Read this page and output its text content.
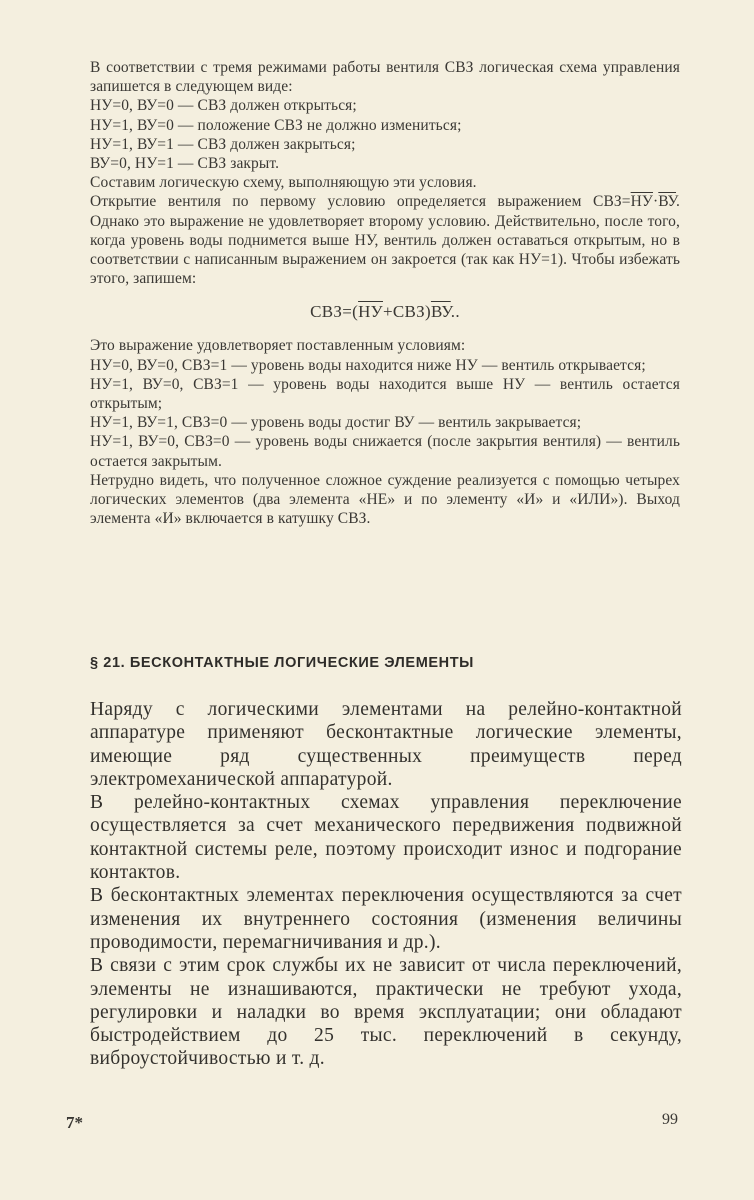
В соответствии с тремя режимами работы вентиля СВЗ логическая схема управления запишется в следующем виде:

НУ=0, ВУ=0 — СВЗ должен открыться;

НУ=1, ВУ=0 — положение СВЗ не должно измениться;

НУ=1, ВУ=1 — СВЗ должен закрыться;

ВУ=0, НУ=1 — СВЗ закрыт.

Составим логическую схему, выполняющую эти условия.

Открытие вентиля по первому условию определяется выражением СВЗ=НУ·ВУ. Однако это выражение не удовлетворяет второму условию. Действительно, после того, когда уровень воды поднимется выше НУ, вентиль должен оставаться открытым, но в соответствии с написанным выражением он закроется (так как НУ=1). Чтобы избежать этого, запишем:

СВЗ=(НУ+СВЗ)ВУ..

Это выражение удовлетворяет поставленным условиям:

НУ=0, ВУ=0, СВЗ=1 — уровень воды находится ниже НУ — вентиль открывается;

НУ=1, ВУ=0, СВЗ=1 — уровень воды находится выше НУ — вентиль остается открытым;

НУ=1, ВУ=1, СВЗ=0 — уровень воды достиг ВУ — вентиль закрывается;

НУ=1, ВУ=0, СВЗ=0 — уровень воды снижается (после закрытия вентиля) — вентиль остается закрытым.

Нетрудно видеть, что полученное сложное суждение реализуется с помощью четырех логических элементов (два элемента «НЕ» и по элементу «И» и «ИЛИ»). Выход элемента «И» включается в катушку СВЗ.

§ 21. БЕСКОНТАКТНЫЕ ЛОГИЧЕСКИЕ ЭЛЕМЕНТЫ

Наряду с логическими элементами на релейно-контактной аппаратуре применяют бесконтактные логические элементы, имеющие ряд существенных преимуществ перед электромеханической аппаратурой.

В релейно-контактных схемах управления переключение осуществляется за счет механического передвижения подвижной контактной системы реле, поэтому происходит износ и подгорание контактов.

В бесконтактных элементах переключения осуществляются за счет изменения их внутреннего состояния (изменения величины проводимости, перемагничивания и др.).

В связи с этим срок службы их не зависит от числа переключений, элементы не изнашиваются, практически не требуют ухода, регулировки и наладки во время эксплуатации; они обладают быстродействием до 25 тыс. переключений в секунду, виброустойчивостью и т. д.

7*	99
